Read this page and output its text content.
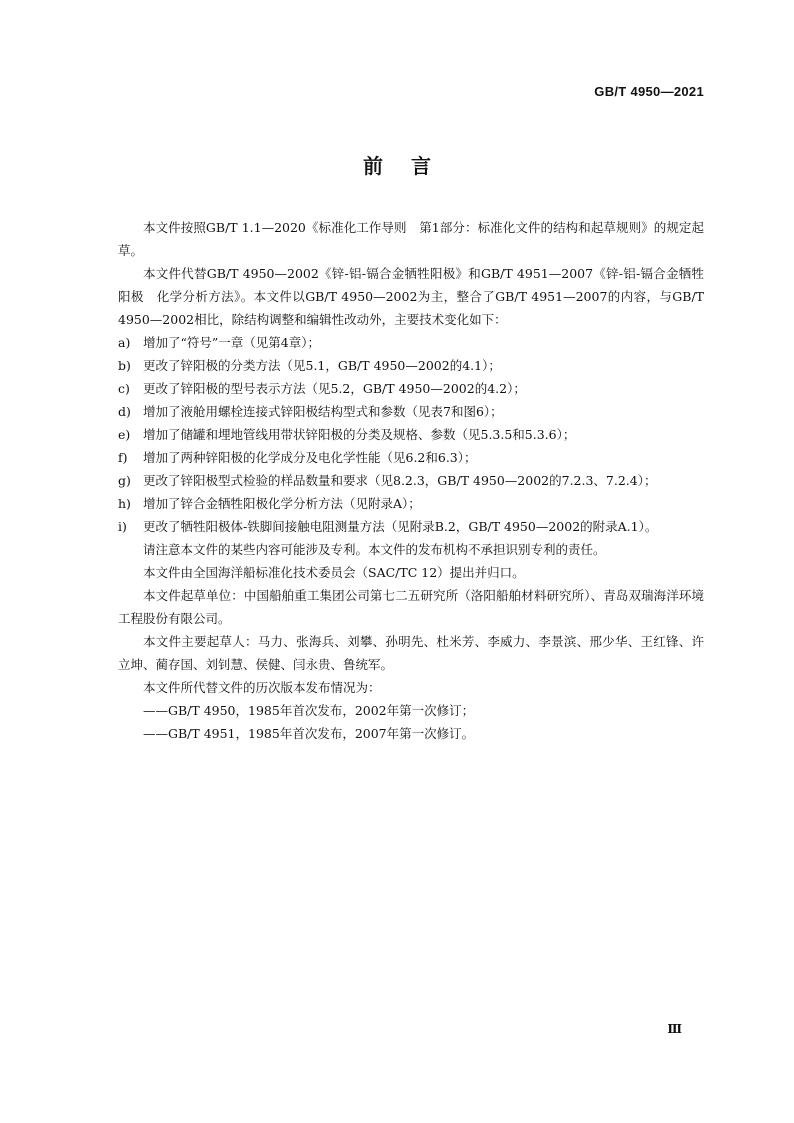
GB/T 4950—2021
前言

本文件按照GB/T 1.1—2020《标准化工作导则　第1部分：标准化文件的结构和起草规则》的规定起草。

本文件代替GB/T 4950—2002《锌-铝-镉合金牺牲阳极》和GB/T 4951—2007《锌-铝-镉合金牺牲阳极　化学分析方法》。本文件以GB/T 4950—2002为主，整合了GB/T 4951—2007的内容，与GB/T 4950—2002相比，除结构调整和编辑性改动外，主要技术变化如下：

a)	增加了“符号”一章（见第4章）；
b) 更改了锌阳极的分类方法（见5.1，GB/T 4950—2002的4.1）；
c)	更改了锌阳极的型号表示方法（见5.2，GB/T 4950—2002的4.2）；
d) 增加了液舱用螺栓连接式锌阳极结构型式和参数（见表7和图6）；
e)	增加了储罐和埋地管线用带状锌阳极的分类及规格、参数（见5.3.5和5.3.6）；
f)	增加了两种锌阳极的化学成分及电化学性能（见6.2和6.3）；
g) 更改了锌阳极型式检验的样品数量和要求（见8.2.3，GB/T 4950—2002的7.2.3、7.2.4）；
h) 增加了锌合金牺牲阳极化学分析方法（见附录A）；
i)	更改了牺牲阳极体-铁脚间接触电阻测量方法（见附录B.2，GB/T 4950—2002的附录A.1）。

请注意本文件的某些内容可能涉及专利。本文件的发布机构不承担识别专利的责任。

本文件由全国海洋船标准化技术委员会（SAC/TC 12）提出并归口。

本文件起草单位：中国船舶重工集团公司第七二五研究所（洛阳船舶材料研究所）、青岛双瑞海洋环境工程股份有限公司。

本文件主要起草人：马力、张海兵、刘攀、孙明先、杜米芳、李威力、李景滨、邢少华、王红锋、许立坤、蔺存国、刘钊慧、侯健、闫永贵、鲁统军。

本文件所代替文件的历次版本发布情况为：

——GB/T 4950，1985年首次发布，2002年第一次修订；

——GB/T 4951，1985年首次发布，2007年第一次修订。

Ⅲ
